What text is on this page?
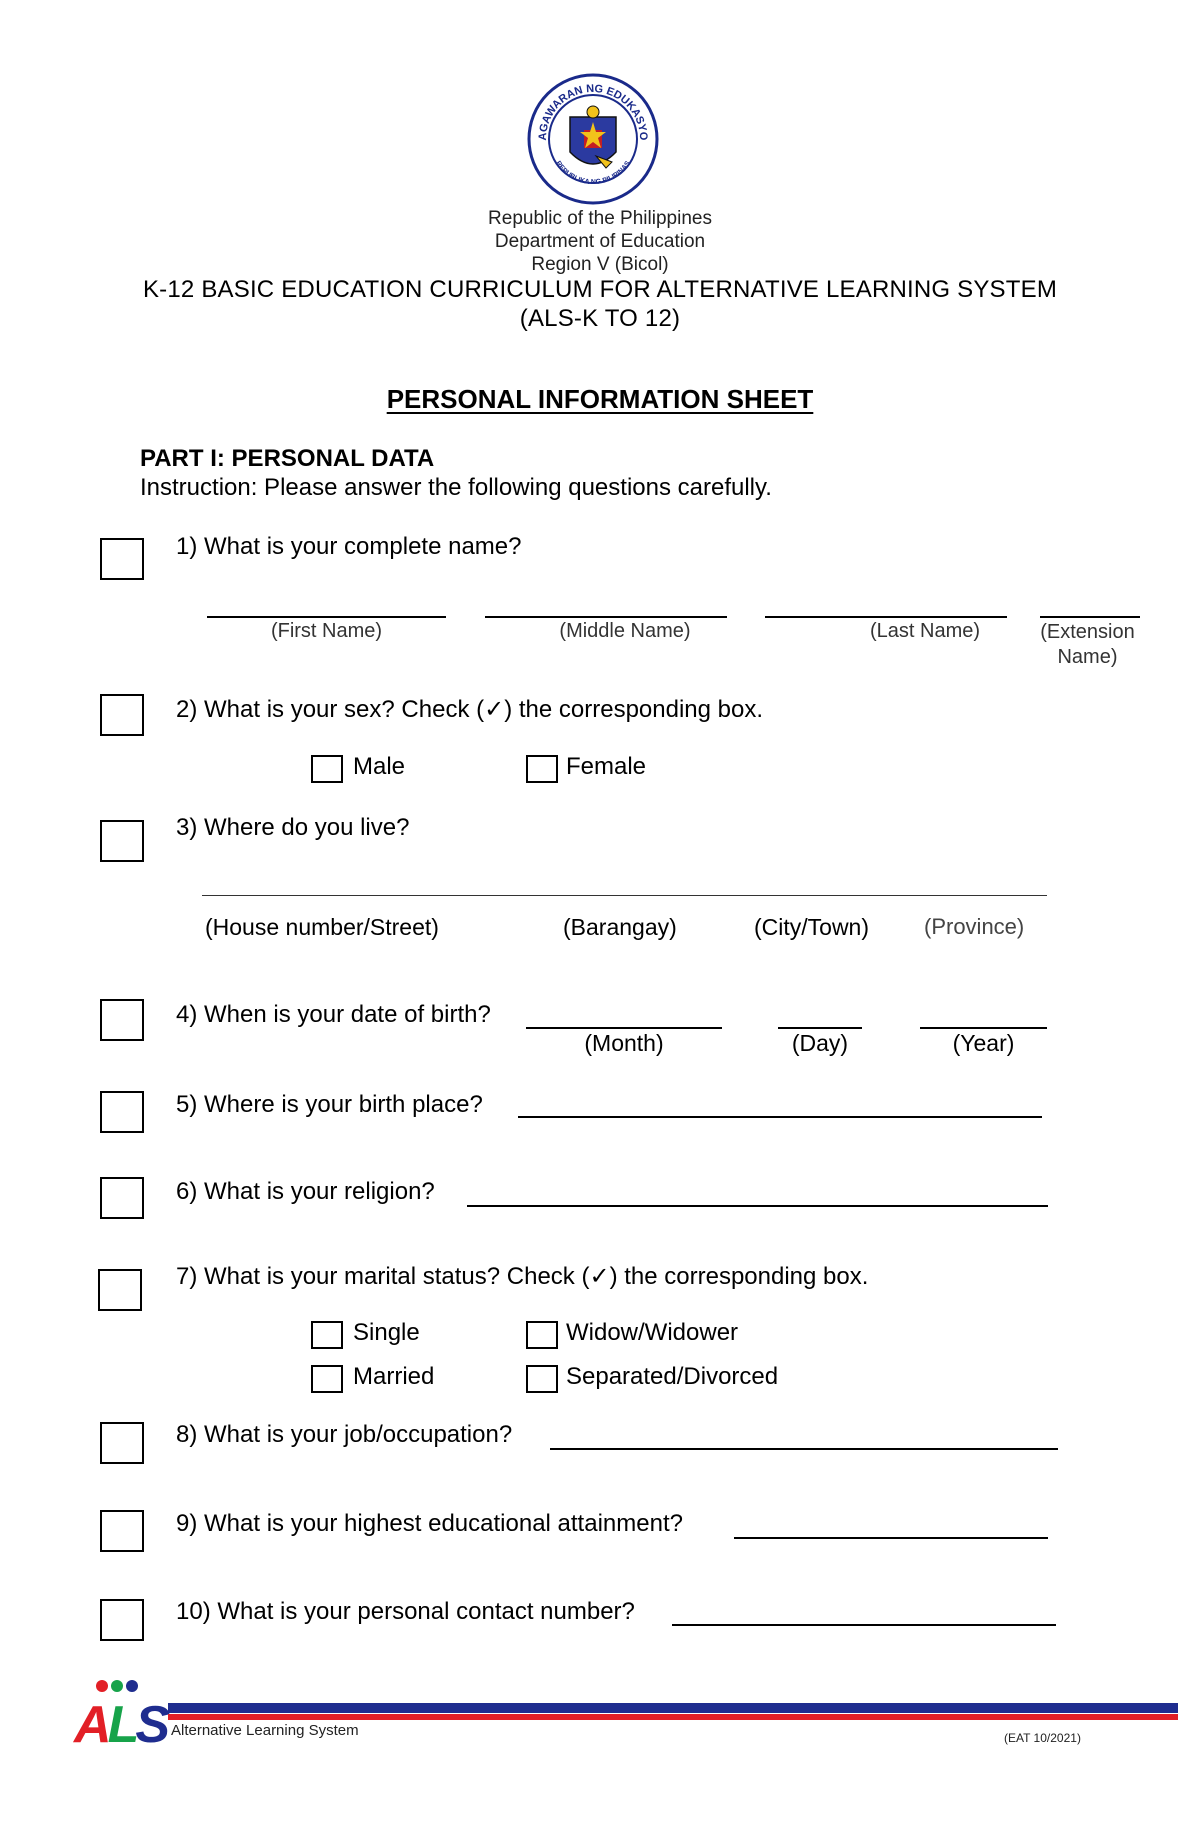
AGAWARAN NG EDUKASYO
REPUBLIKA NG PILIPINAS
Republic of the Philippines
Department of Education
Region V (Bicol)
K-12 BASIC EDUCATION CURRICULUM FOR ALTERNATIVE LEARNING SYSTEM
(ALS-K TO 12)
PERSONAL INFORMATION SHEET
PART I: PERSONAL DATA
Instruction: Please answer the following questions carefully.
1) What is your complete name?
(First Name)	(Middle Name)	(Last Name)	(Extension Name)
2) What is your sex? Check (✓) the corresponding box.
Male	Female
3) Where do you live?
(House number/Street)	(Barangay)	(City/Town) (Province)
4) When is your date of birth?
(Month)	(Day)	(Year)
5) Where is your birth place?
6) What is your religion?
7) What is your marital status? Check (✓) the corresponding box.
Single	Widow/Widower
Married	Separated/Divorced
8) What is your job/occupation?
9) What is your highest educational attainment?
10) What is your personal contact number?
ALS Alternative Learning System	(EAT 10/2021)
